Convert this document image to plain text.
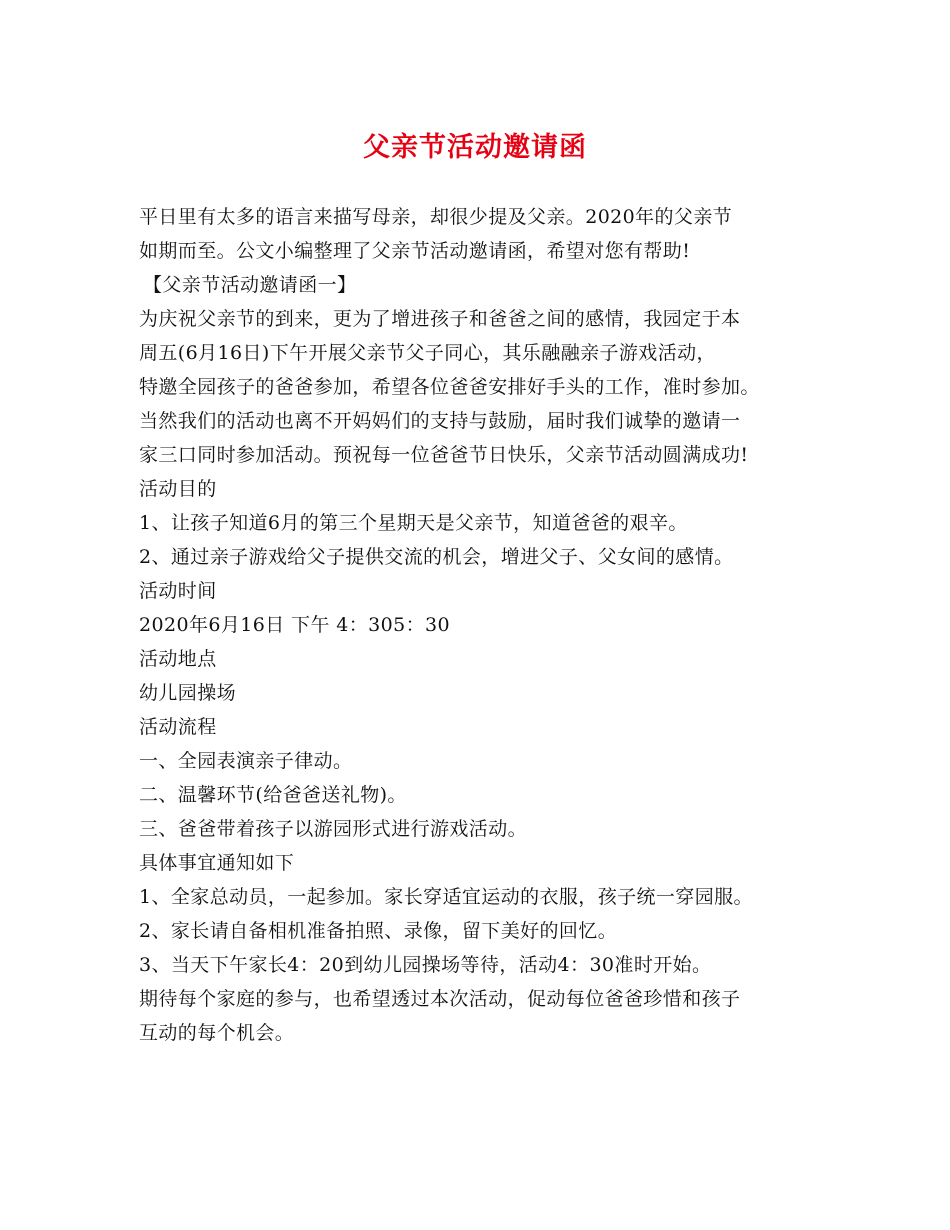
父亲节活动邀请函

平日里有太多的语言来描写母亲，却很少提及父亲。2020年的父亲节

如期而至。公文小编整理了父亲节活动邀请函，希望对您有帮助!

【父亲节活动邀请函一】

为庆祝父亲节的到来，更为了增进孩子和爸爸之间的感情，我园定于本

周五(6月16日)下午开展父亲节父子同心，其乐融融亲子游戏活动，

特邀全园孩子的爸爸参加，希望各位爸爸安排好手头的工作，准时参加。

当然我们的活动也离不开妈妈们的支持与鼓励，届时我们诚挚的邀请一

家三口同时参加活动。预祝每一位爸爸节日快乐，父亲节活动圆满成功!

活动目的

1、让孩子知道6月的第三个星期天是父亲节，知道爸爸的艰辛。

2、通过亲子游戏给父子提供交流的机会，增进父子、父女间的感情。

活动时间

2020年6月16日 下午 4：305：30

活动地点

幼儿园操场

活动流程

一、全园表演亲子律动。

二、温馨环节(给爸爸送礼物)。

三、爸爸带着孩子以游园形式进行游戏活动。

具体事宜通知如下

1、全家总动员，一起参加。家长穿适宜运动的衣服，孩子统一穿园服。

2、家长请自备相机准备拍照、录像，留下美好的回忆。

3、当天下午家长4：20到幼儿园操场等待，活动4：30准时开始。

期待每个家庭的参与，也希望透过本次活动，促动每位爸爸珍惜和孩子

互动的每个机会。
